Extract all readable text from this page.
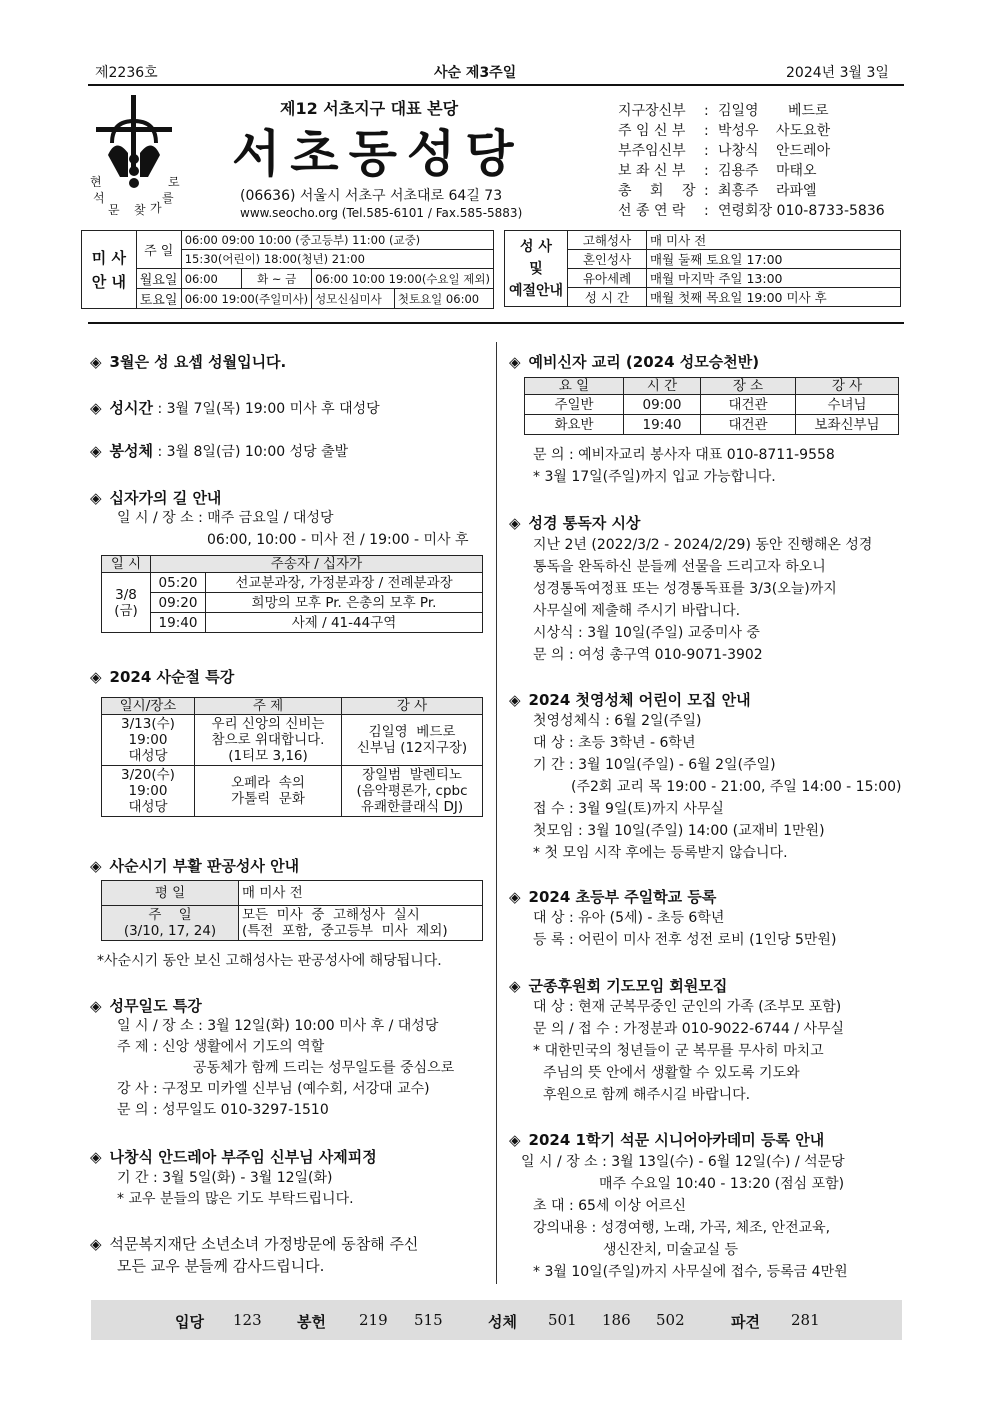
제2236호	사순 제3주일	2024년 3월 3일
현	로
석	를
문 찾 가
제12 서초지구 대표 본당
서초동성당
(06636) 서울시 서초구 서초대로 64길 73
www.seocho.org (Tel.585-6101 / Fax.585-5883)
지구장신부 : 김일영 베드로
주 임 신 부 : 박성우 사도요한
부주임신부 : 나창식 안드레아
보 좌 신 부 : 김용주 마태오
총 　회　 장 : 최흥주 라파엘
선 종 연 락 : 연령회장 010-8733-5836
미 사
안 내	주 일	06:00 09:00 10:00 (중고등부) 11:00 (교중)			
		15:30(어린이) 18:00(청년) 21:00			
	월요일	06:00	화 ~ 금	06:00 10:00 19:00(수요일 제외)	
	토요일	06:00 19:00(주일미사)		성모신심미사	첫토요일 06:00
성 사
및
예절안내	고해성사	매 미사 전
	혼인성사	매월 둘째 토요일 17:00
	유아세례	매월 마지막 주일 13:00
	성 시 간	매월 첫째 목요일 19:00 미사 후
◈ 3월은 성 요셉 성월입니다.
◈ 성시간 : 3월 7일(목) 19:00 미사 후 대성당
◈ 봉성체 : 3월 8일(금) 10:00 성당 출발
◈ 십자가의 길 안내
일 시 / 장 소 : 매주 금요일 / 대성당
06:00, 10:00 - 미사 전 / 19:00 - 미사 후
일 시	주송자 / 십자가	
3/8 (금)	05:20	선교분과장, 가정분과장 / 전례분과장
	09:20	희망의 모후 Pr. 은총의 모후 Pr.
	19:40	사제 / 41-44구역
◈ 2024 사순절 특강
일시/장소	주 제	강 사
3/13(수)
19:00
대성당	우리 신앙의 신비는
참으로 위대합니다.
(1티모 3,16)	김일영  베드로
신부님 (12지구장)
3/20(수)
19:00
대성당	오페라  속의
가톨릭  문화	장일범  발렌티노
(음악평론가, cpbc
유쾌한클래식 DJ)
◈ 사순시기 부활 판공성사 안내
평 일	매 미사 전
주    일
(3/10, 17, 24)	모든  미사  중  고해성사  실시
(특전  포함,  중고등부  미사  제외)
*사순시기 동안 보신 고해성사는 판공성사에 해당됩니다.
◈ 성무일도 특강
일 시 / 장 소 : 3월 12일(화) 10:00 미사 후 / 대성당
주 제 : 신앙 생활에서 기도의 역할
공동체가 함께 드리는 성무일도를 중심으로
강 사 : 구정모 미카엘 신부님 (예수회, 서강대 교수)
문 의 : 성무일도 010-3297-1510
◈ 나창식 안드레아 부주임 신부님 사제피정
기 간 : 3월 5일(화) - 3월 12일(화)
* 교우 분들의 많은 기도 부탁드립니다.
◈ 석문복지재단 소년소녀 가정방문에 동참해 주신
모든 교우 분들께 감사드립니다.
◈ 예비신자 교리 (2024 성모승천반)
요 일	시 간	장 소	강 사
주일반	09:00	대건관	수녀님
화요반	19:40	대건관	보좌신부님
문 의 : 예비자교리 봉사자 대표 010-8711-9558
* 3월 17일(주일)까지 입교 가능합니다.
◈ 성경 통독자 시상
지난 2년 (2022/3/2 - 2024/2/29) 동안 진행해온 성경
통독을 완독하신 분들께 선물을 드리고자 하오니
성경통독여정표 또는 성경통독표를 3/3(오늘)까지
사무실에 제출해 주시기 바랍니다.
시상식 : 3월 10일(주일) 교중미사 중
문 의 : 여성 총구역 010-9071-3902
◈ 2024 첫영성체 어린이 모집 안내
첫영성체식 : 6월 2일(주일)
대 상 : 초등 3학년 - 6학년
기 간 : 3월 10일(주일) - 6월 2일(주일)
(주2회 교리 목 19:00 - 21:00, 주일 14:00 - 15:00)
접 수 : 3월 9일(토)까지 사무실
첫모임 : 3월 10일(주일) 14:00 (교재비 1만원)
* 첫 모임 시작 후에는 등록받지 않습니다.
◈ 2024 초등부 주일학교 등록
대 상 : 유아 (5세) - 초등 6학년
등 록 : 어린이 미사 전후 성전 로비 (1인당 5만원)
◈ 군종후원회 기도모임 회원모집
대 상 : 현재 군복무중인 군인의 가족 (조부모 포함)
문 의 / 접 수 : 가정분과 010-9022-6744 / 사무실
* 대한민국의 청년들이 군 복무를 무사히 마치고
주님의 뜻 안에서 생활할 수 있도록 기도와
후원으로 함께 해주시길 바랍니다.
◈ 2024 1학기 석문 시니어아카데미 등록 안내
일 시 / 장 소 : 3월 13일(수) - 6월 12일(수) / 석문당
매주 수요일 10:40 - 13:20 (점심 포함)
초 대 : 65세 이상 어르신
강의내용 : 성경여행, 노래, 가곡, 체조, 안전교육,
생신잔치, 미술교실 등
* 3월 10일(주일)까지 사무실에 접수, 등록금 4만원
입당 123 봉헌 219 515	성체 501 186 502	파견 281
